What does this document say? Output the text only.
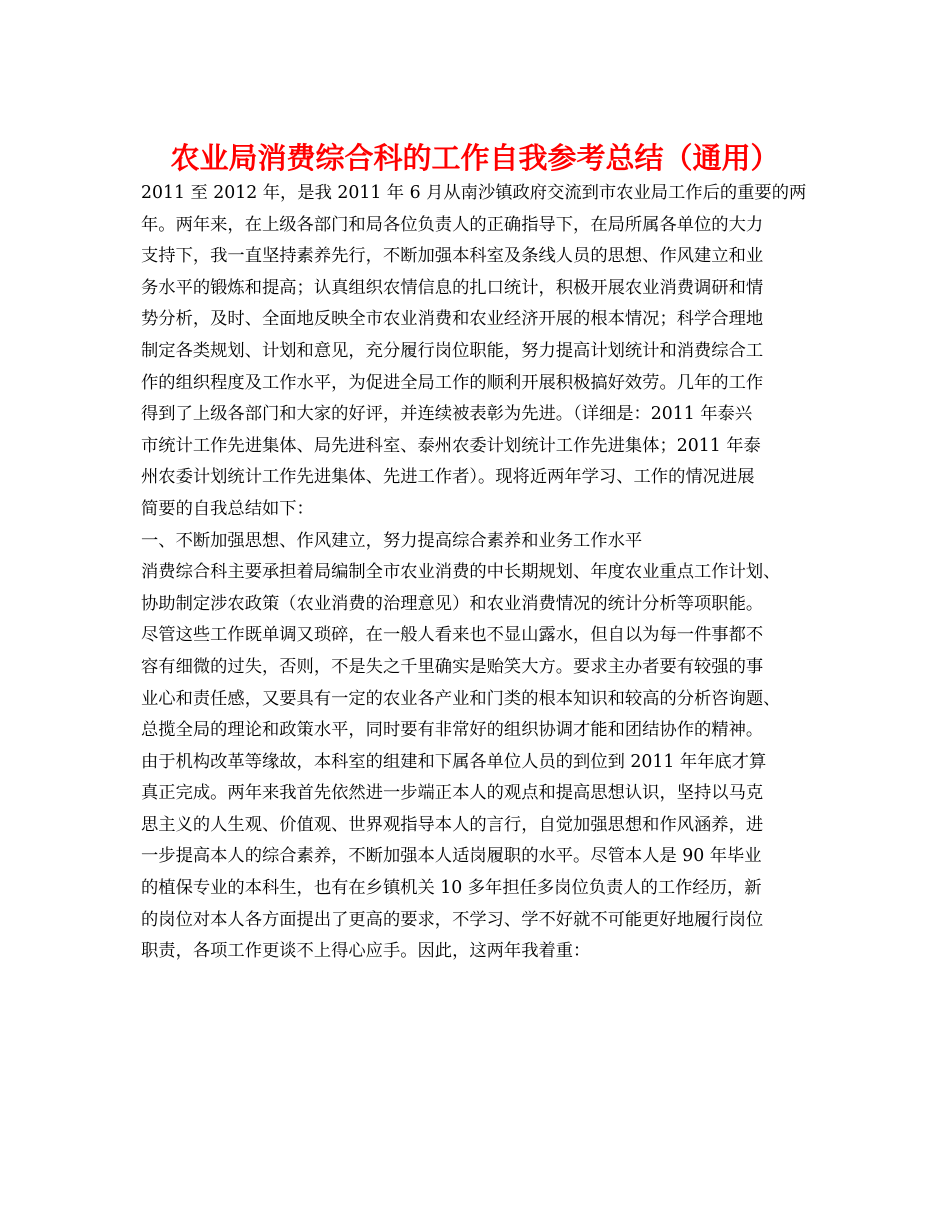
农业局消费综合科的工作自我参考总结（通用）
2011 至 2012 年，是我 2011 年 6 月从南沙镇政府交流到市农业局工作后的重要的两
年。两年来，在上级各部门和局各位负责人的正确指导下，在局所属各单位的大力
支持下，我一直坚持素养先行，不断加强本科室及条线人员的思想、作风建立和业
务水平的锻炼和提高；认真组织农情信息的扎口统计，积极开展农业消费调研和情
势分析，及时、全面地反映全市农业消费和农业经济开展的根本情况；科学合理地
制定各类规划、计划和意见，充分履行岗位职能，努力提高计划统计和消费综合工
作的组织程度及工作水平，为促进全局工作的顺利开展积极搞好效劳。几年的工作
得到了上级各部门和大家的好评，并连续被表彰为先进。（详细是：2011 年泰兴
市统计工作先进集体、局先进科室、泰州农委计划统计工作先进集体；2011 年泰
州农委计划统计工作先进集体、先进工作者）。现将近两年学习、工作的情况进展
简要的自我总结如下：
一、不断加强思想、作风建立，努力提高综合素养和业务工作水平
消费综合科主要承担着局编制全市农业消费的中长期规划、年度农业重点工作计划、
协助制定涉农政策（农业消费的治理意见）和农业消费情况的统计分析等项职能。
尽管这些工作既单调又琐碎，在一般人看来也不显山露水，但自以为每一件事都不
容有细微的过失，否则，不是失之千里确实是贻笑大方。要求主办者要有较强的事
业心和责任感，又要具有一定的农业各产业和门类的根本知识和较高的分析咨询题、
总揽全局的理论和政策水平，同时要有非常好的组织协调才能和团结协作的精神。
由于机构改革等缘故，本科室的组建和下属各单位人员的到位到 2011 年年底才算
真正完成。两年来我首先依然进一步端正本人的观点和提高思想认识，坚持以马克
思主义的人生观、价值观、世界观指导本人的言行，自觉加强思想和作风涵养，进
一步提高本人的综合素养，不断加强本人适岗履职的水平。尽管本人是 90 年毕业
的植保专业的本科生，也有在乡镇机关 10 多年担任多岗位负责人的工作经历，新
的岗位对本人各方面提出了更高的要求，不学习、学不好就不可能更好地履行岗位
职责，各项工作更谈不上得心应手。因此，这两年我着重：
